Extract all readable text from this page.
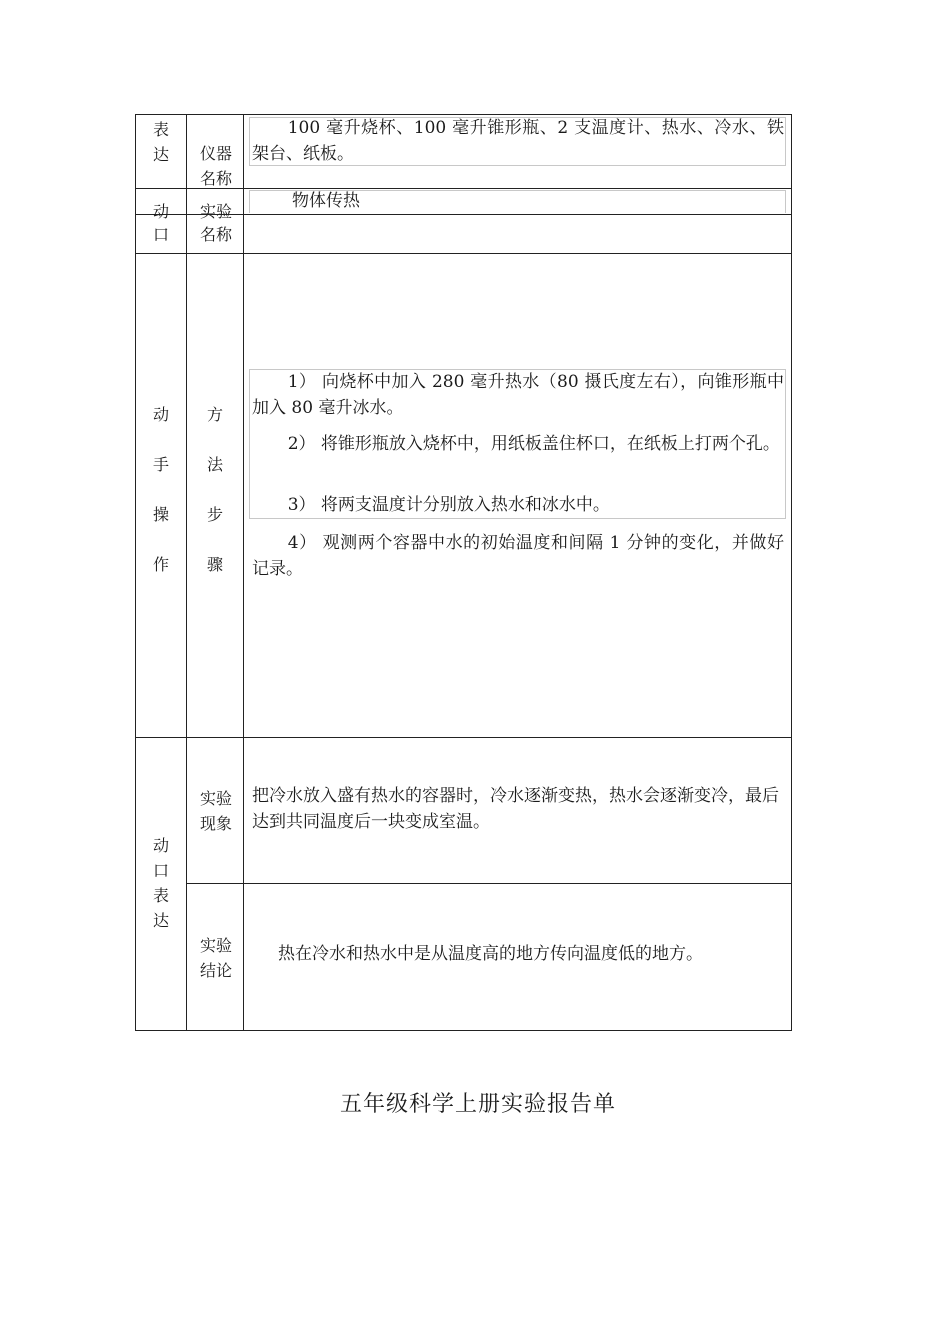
表
达	仪器
名称
100 毫升烧杯、100 毫升锥形瓶、2 支温度计、热水、冷水、铁架台、纸板。
动
口
实验
名称
物体传热
动
手
操
作
方
法
步
骤
1） 向烧杯中加入 280 毫升热水（80 摄氏度左右），向锥形瓶中加入 80 毫升冰水。
2） 将锥形瓶放入烧杯中，用纸板盖住杯口，在纸板上打两个孔。
3） 将两支温度计分别放入热水和冰水中。
4） 观测两个容器中水的初始温度和间隔 1 分钟的变化，并做好记录。
动
口
表
达
实验
现象
把冷水放入盛有热水的容器时，冷水逐渐变热，热水会逐渐变冷，最后达到共同温度后一块变成室温。
实验
结论
热在冷水和热水中是从温度高的地方传向温度低的地方。
五年级科学上册实验报告单
